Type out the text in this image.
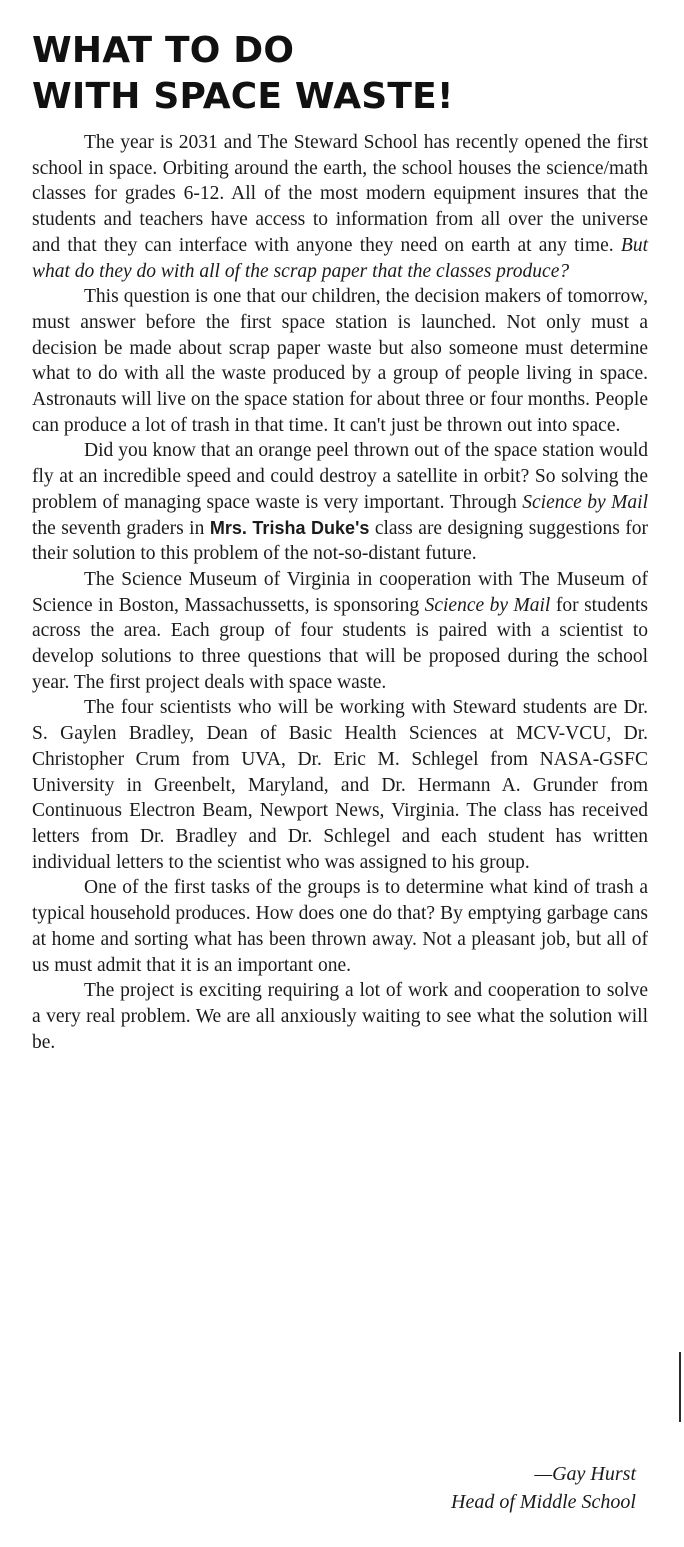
WHAT TO DO
WITH SPACE WASTE!

The year is 2031 and The Steward School has recently opened the first school in space. Orbiting around the earth, the school houses the science/math classes for grades 6-12. All of the most modern equipment insures that the students and teachers have access to information from all over the universe and that they can interface with anyone they need on earth at any time. But what do they do with all of the scrap paper that the classes produce?

This question is one that our children, the decision makers of tomorrow, must answer before the first space station is launched. Not only must a decision be made about scrap paper waste but also someone must determine what to do with all the waste produced by a group of people living in space. Astronauts will live on the space station for about three or four months. People can produce a lot of trash in that time. It can't just be thrown out into space.

Did you know that an orange peel thrown out of the space station would fly at an incredible speed and could destroy a satellite in orbit? So solving the problem of managing space waste is very important. Through Science by Mail the seventh graders in Mrs. Trisha Duke's class are designing suggestions for their solution to this problem of the not-so-distant future.

The Science Museum of Virginia in cooperation with The Museum of Science in Boston, Massachussetts, is sponsoring Science by Mail for students across the area. Each group of four students is paired with a scientist to develop solutions to three questions that will be proposed during the school year. The first project deals with space waste.

The four scientists who will be working with Steward students are Dr. S. Gaylen Bradley, Dean of Basic Health Sciences at MCV-VCU, Dr. Christopher Crum from UVA, Dr. Eric M. Schlegel from NASA-GSFC University in Greenbelt, Maryland, and Dr. Hermann A. Grunder from Continuous Electron Beam, Newport News, Virginia. The class has received letters from Dr. Bradley and Dr. Schlegel and each student has written individual letters to the scientist who was assigned to his group.

One of the first tasks of the groups is to determine what kind of trash a typical household produces. How does one do that? By emptying garbage cans at home and sorting what has been thrown away. Not a pleasant job, but all of us must admit that it is an important one.

The project is exciting requiring a lot of work and cooperation to solve a very real problem. We are all anxiously waiting to see what the solution will be.

—Gay Hurst
Head of Middle School
